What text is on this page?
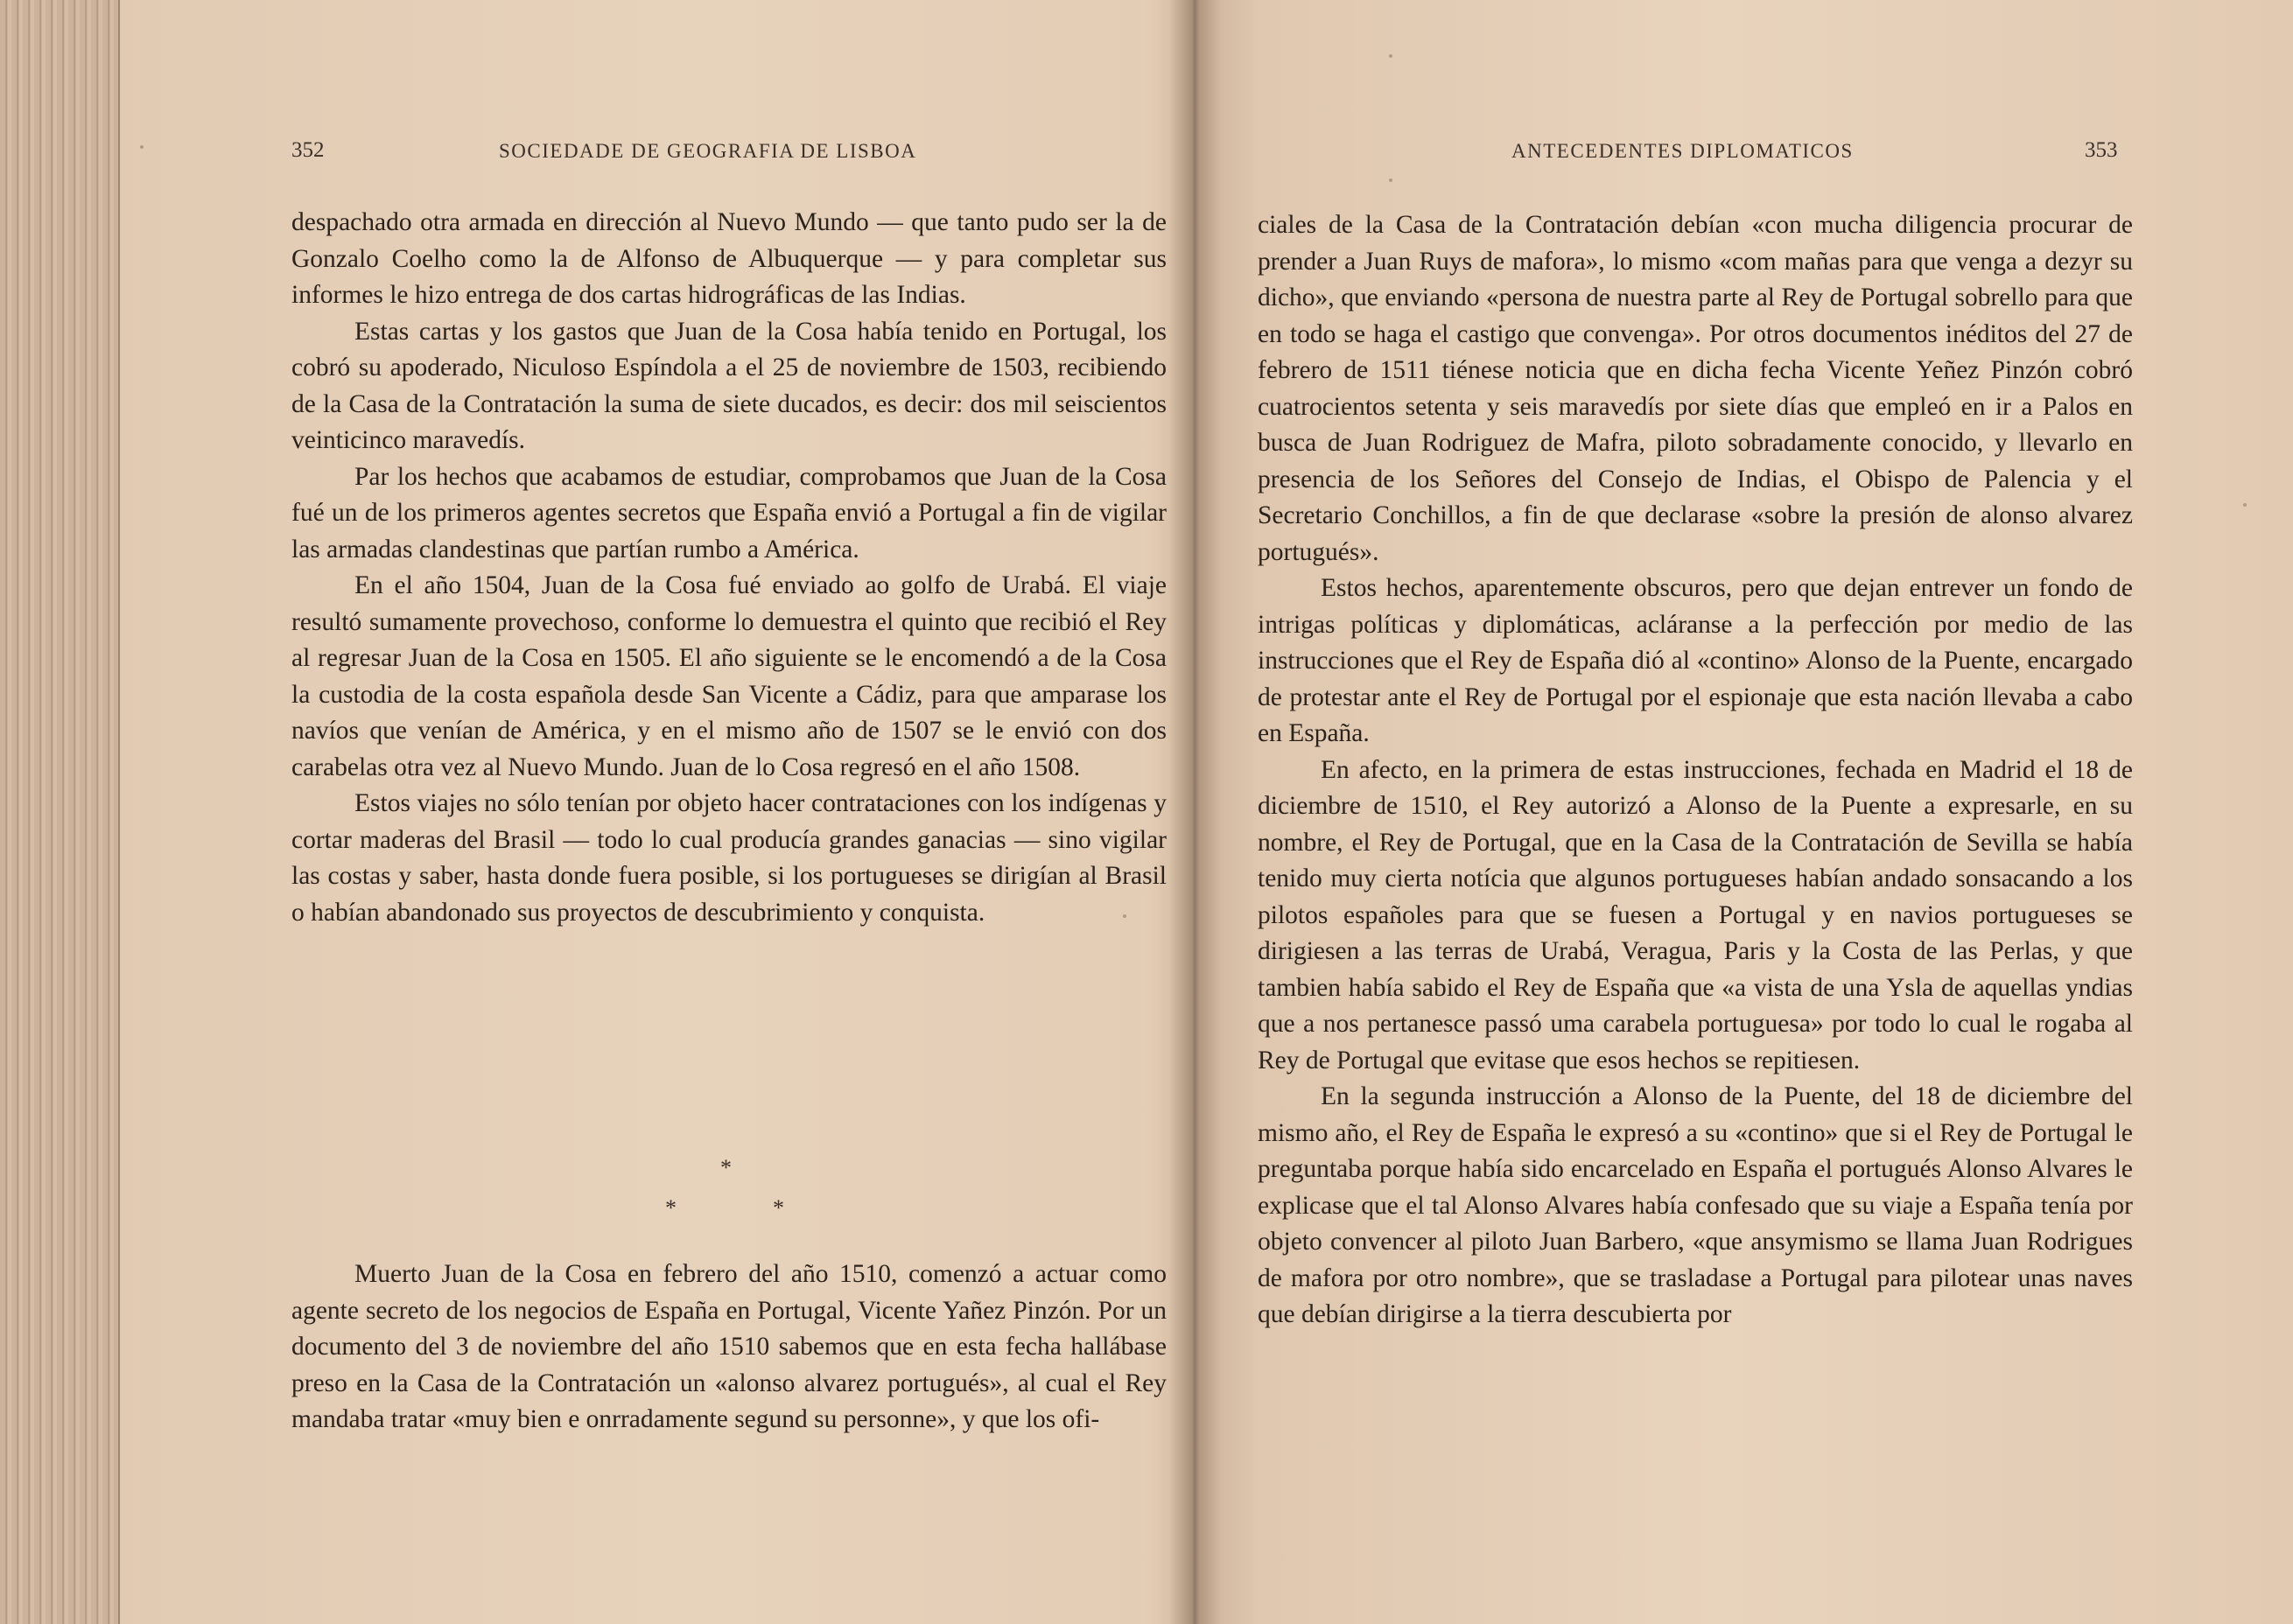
352	SOCIEDADE DE GEOGRAFIA DE LISBOA

despachado otra armada en dirección al Nuevo Mundo — que tanto pudo ser la de Gonzalo Coelho como la de Alfonso de Albuquerque — y para completar sus informes le hizo entrega de dos cartas hidrográficas de las Indias.

Estas cartas y los gastos que Juan de la Cosa había tenido en Portugal, los cobró su apoderado, Niculoso Espíndola a el 25 de noviembre de 1503, recibiendo de la Casa de la Contratación la suma de siete ducados, es decir: dos mil seiscientos veinticinco maravedís.

Par los hechos que acabamos de estudiar, comprobamos que Juan de la Cosa fué un de los primeros agentes secretos que España envió a Portugal a fin de vigilar las armadas clandestinas que partían rumbo a América.

En el año 1504, Juan de la Cosa fué enviado ao golfo de Urabá. El viaje resultó sumamente provechoso, conforme lo demuestra el quinto que recibió el Rey al regresar Juan de la Cosa en 1505. El año siguiente se le encomendó a de la Cosa la custodia de la costa española desde San Vicente a Cádiz, para que amparase los navíos que venían de América, y en el mismo año de 1507 se le envió con dos carabelas otra vez al Nuevo Mundo. Juan de lo Cosa regresó en el año 1508.

Estos viajes no sólo tenían por objeto hacer contrataciones con los indígenas y cortar maderas del Brasil — todo lo cual producía grandes ganacias — sino vigilar las costas y saber, hasta donde fuera posible, si los portugueses se dirigían al Brasil o habían abandonado sus proyectos de descubrimiento y conquista.

*
*	*

Muerto Juan de la Cosa en febrero del año 1510, comenzó a actuar como agente secreto de los negocios de España en Portugal, Vicente Yañez Pinzón. Por un documento del 3 de noviembre del año 1510 sabemos que en esta fecha hallábase preso en la Casa de la Contratación un «alonso alvarez portugués», al cual el Rey mandaba tratar «muy bien e onrradamente segund su personne», y que los ofi-

ANTECEDENTES DIPLOMATICOS	353

ciales de la Casa de la Contratación debían «con mucha diligencia procurar de prender a Juan Ruys de mafora», lo mismo «com mañas para que venga a dezyr su dicho», que enviando «persona de nuestra parte al Rey de Portugal sobrello para que en todo se haga el castigo que convenga». Por otros documentos inéditos del 27 de febrero de 1511 tiénese noticia que en dicha fecha Vicente Yeñez Pinzón cobró cuatrocientos setenta y seis maravedís por siete días que empleó en ir a Palos en busca de Juan Rodriguez de Mafra, piloto sobradamente conocido, y llevarlo en presencia de los Señores del Consejo de Indias, el Obispo de Palencia y el Secretario Conchillos, a fin de que declarase «sobre la presión de alonso alvarez portugués».

Estos hechos, aparentemente obscuros, pero que dejan entrever un fondo de intrigas políticas y diplomáticas, acláranse a la perfección por medio de las instrucciones que el Rey de España dió al «contino» Alonso de la Puente, encargado de protestar ante el Rey de Portugal por el espionaje que esta nación llevaba a cabo en España.

En afecto, en la primera de estas instrucciones, fechada en Madrid el 18 de diciembre de 1510, el Rey autorizó a Alonso de la Puente a expresarle, en su nombre, el Rey de Portugal, que en la Casa de la Contratación de Sevilla se había tenido muy cierta notícia que algunos portugueses habían andado sonsacando a los pilotos españoles para que se fuesen a Portugal y en navios portugueses se dirigiesen a las terras de Urabá, Veragua, Paris y la Costa de las Perlas, y que tambien había sabido el Rey de España que «a vista de una Ysla de aquellas yndias que a nos pertanesce passó uma carabela portuguesa» por todo lo cual le rogaba al Rey de Portugal que evitase que esos hechos se repitiesen.

En la segunda instrucción a Alonso de la Puente, del 18 de diciembre del mismo año, el Rey de España le expresó a su «contino» que si el Rey de Portugal le preguntaba porque había sido encarcelado en España el portugués Alonso Alvares le explicase que el tal Alonso Alvares había confesado que su viaje a España tenía por objeto convencer al piloto Juan Barbero, «que ansymismo se llama Juan Rodrigues de mafora por otro nombre», que se trasladase a Portugal para pilotear unas naves que debían dirigirse a la tierra descubierta por
